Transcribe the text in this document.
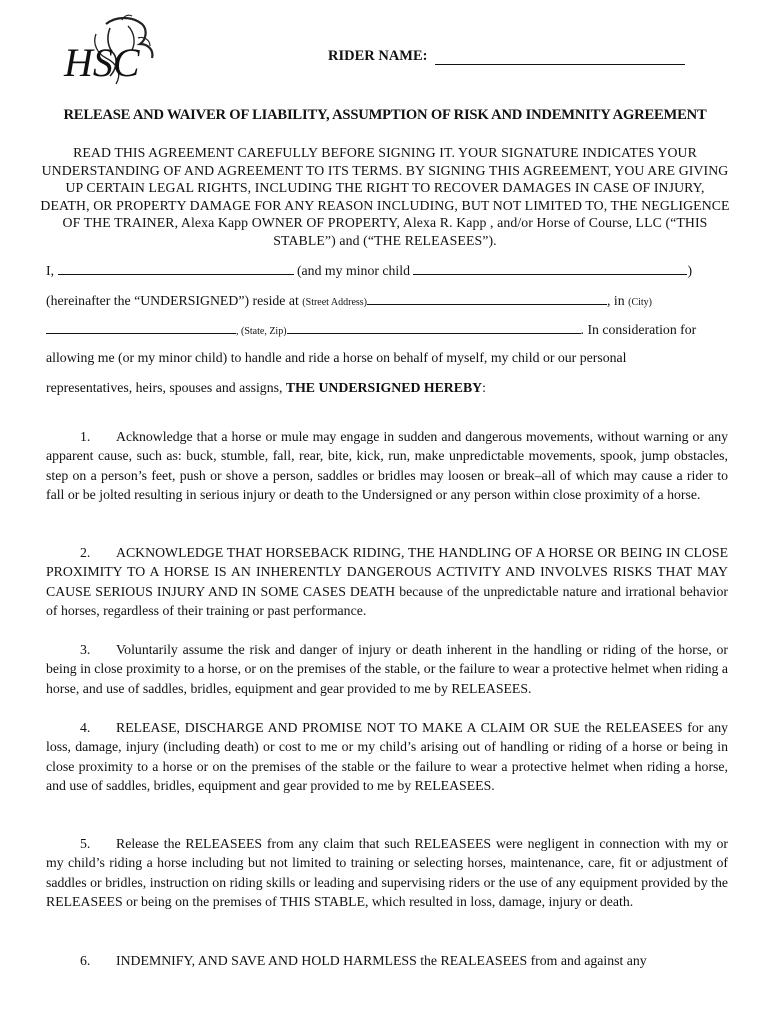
HSC	RIDER NAME:
RELEASE AND WAIVER OF LIABILITY, ASSUMPTION OF RISK AND INDEMNITY AGREEMENT
READ THIS AGREEMENT CAREFULLY BEFORE SIGNING IT. YOUR SIGNATURE INDICATES YOUR UNDERSTANDING OF AND AGREEMENT TO ITS TERMS. BY SIGNING THIS AGREEMENT, YOU ARE GIVING UP CERTAIN LEGAL RIGHTS, INCLUDING THE RIGHT TO RECOVER DAMAGES IN CASE OF INJURY, DEATH, OR PROPERTY DAMAGE FOR ANY REASON INCLUDING, BUT NOT LIMITED TO, THE NEGLIGENCE OF THE TRAINER, Alexa Kapp OWNER OF PROPERTY, Alexa R. Kapp , and/or Horse of Course, LLC (“THIS STABLE”) and (“THE RELEASEES”).
I,	(and my minor child	)
(hereinafter the “UNDERSIGNED”) reside at (Street Address)	, in (City)
, (State, Zip)	. In consideration for
allowing me (or my minor child) to handle and ride a horse on behalf of myself, my child or our personal
representatives, heirs, spouses and assigns, THE UNDERSIGNED HEREBY:
1. Acknowledge that a horse or mule may engage in sudden and dangerous movements, without warning or any apparent cause, such as: buck, stumble, fall, rear, bite, kick, run, make unpredictable movements, spook, jump obstacles, step on a person’s feet, push or shove a person, saddles or bridles may loosen or break–all of which may cause a rider to fall or be jolted resulting in serious injury or death to the Undersigned or any person within close proximity of a horse.
2. ACKNOWLEDGE THAT HORSEBACK RIDING, THE HANDLING OF A HORSE OR BEING IN CLOSE PROXIMITY TO A HORSE IS AN INHERENTLY DANGEROUS ACTIVITY AND INVOLVES RISKS THAT MAY CAUSE SERIOUS INJURY AND IN SOME CASES DEATH because of the unpredictable nature and irrational behavior of horses, regardless of their training or past performance.
3. Voluntarily assume the risk and danger of injury or death inherent in the handling or riding of the horse, or being in close proximity to a horse, or on the premises of the stable, or the failure to wear a protective helmet when riding a horse, and use of saddles, bridles, equipment and gear provided to me by RELEASEES.
4. RELEASE, DISCHARGE AND PROMISE NOT TO MAKE A CLAIM OR SUE the RELEASEES for any loss, damage, injury (including death) or cost to me or my child’s arising out of handling or riding of a horse or being in close proximity to a horse or on the premises of the stable or the failure to wear a protective helmet when riding a horse, and use of saddles, bridles, equipment and gear provided to me by RELEASEES.
5. Release the RELEASEES from any claim that such RELEASEES were negligent in connection with my or my child’s riding a horse including but not limited to training or selecting horses, maintenance, care, fit or adjustment of saddles or bridles, instruction on riding skills or leading and supervising riders or the use of any equipment provided by the RELEASEES or being on the premises of THIS STABLE, which resulted in loss, damage, injury or death.
6. INDEMNIFY, AND SAVE AND HOLD HARMLESS the REALEASEES from and against any
